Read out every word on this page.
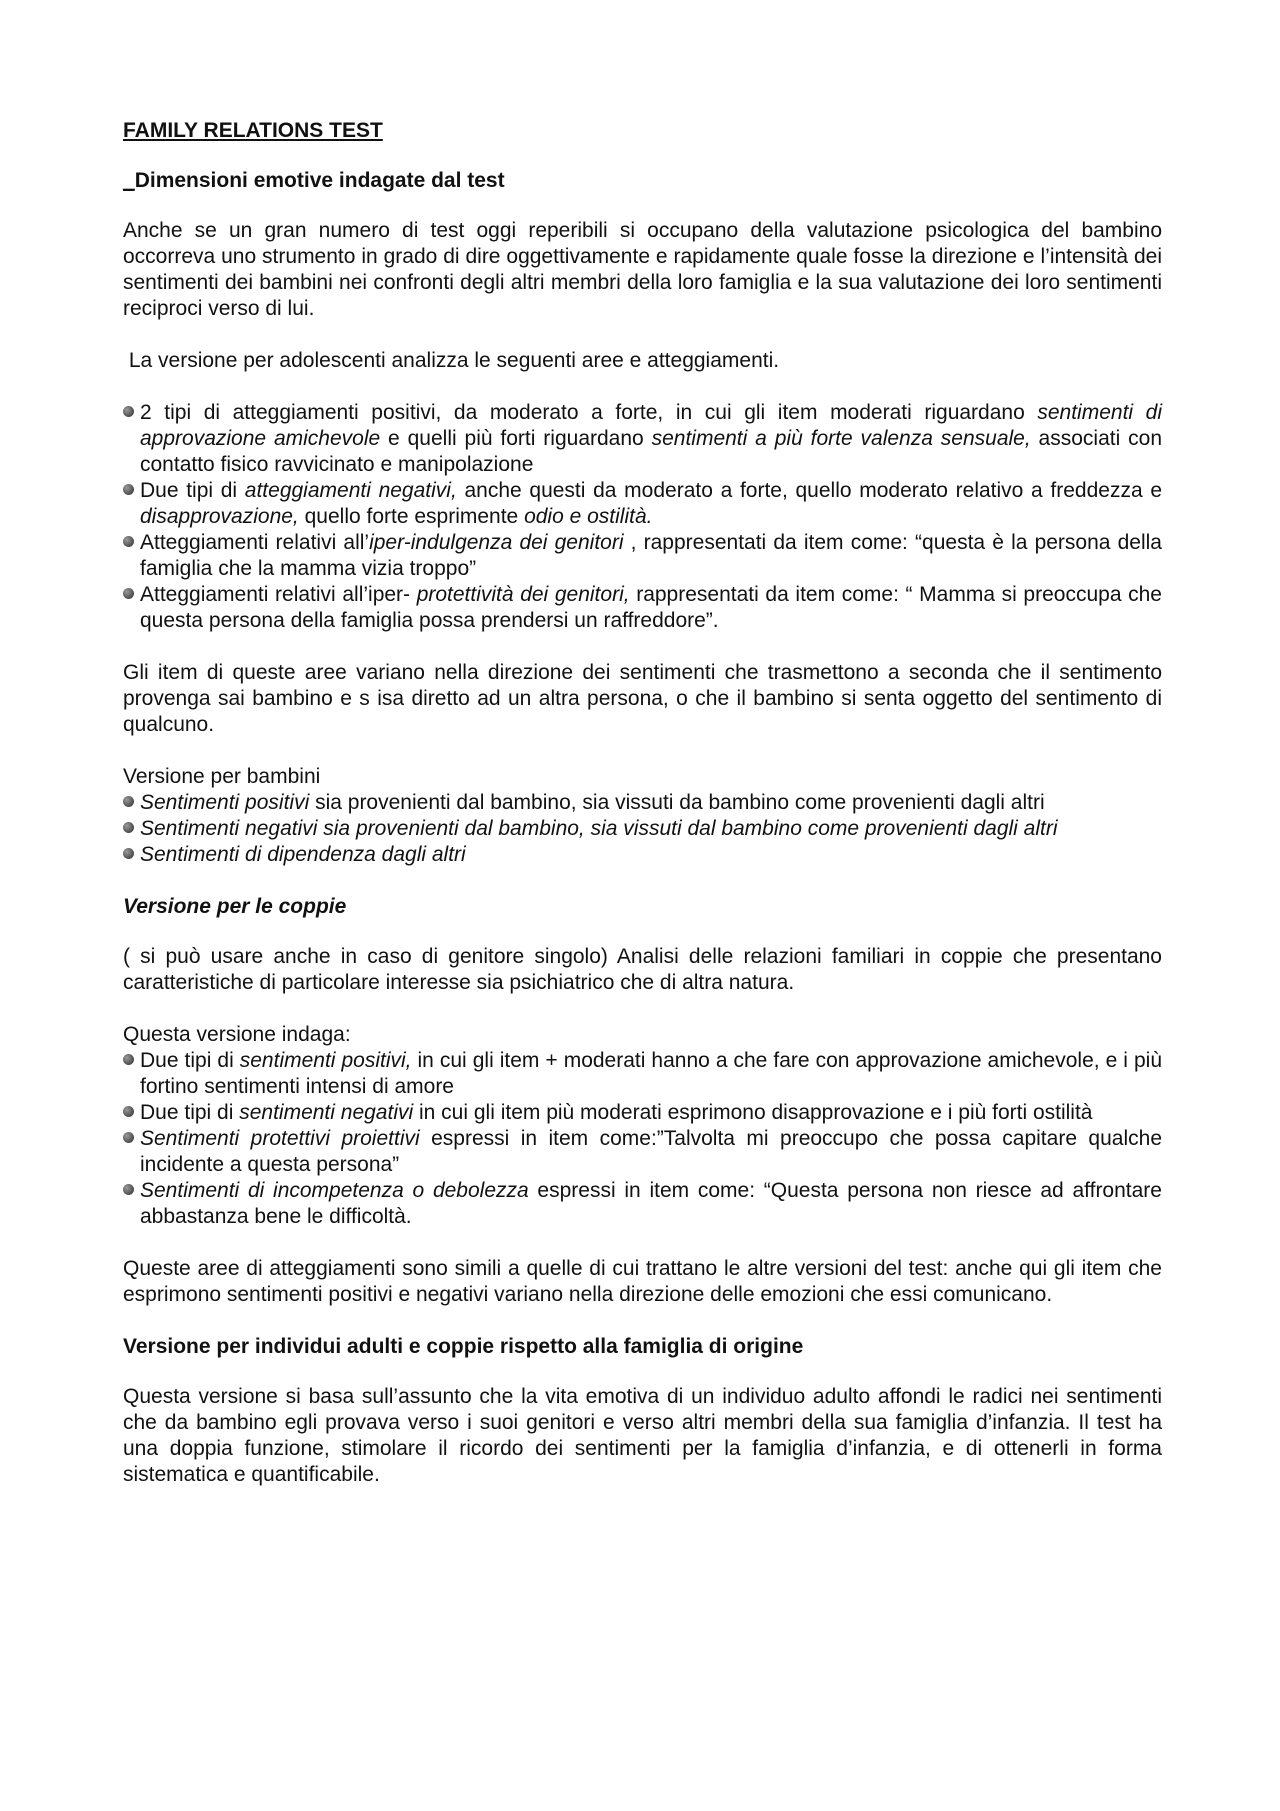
FAMILY RELATIONS TEST
_Dimensioni emotive indagate dal test

Anche se un gran numero di test oggi reperibili si occupano della valutazione psicologica del bambino occorreva uno strumento in grado di dire oggettivamente e rapidamente quale fosse la direzione e l’intensità dei sentimenti dei bambini nei confronti degli altri membri della loro famiglia e la sua valutazione dei loro sentimenti reciproci verso di lui.

La versione per adolescenti analizza le seguenti aree e atteggiamenti.

2 tipi di atteggiamenti positivi, da moderato a forte, in cui gli item moderati riguardano sentimenti di approvazione amichevole e quelli più forti riguardano sentimenti a più forte valenza sensuale, associati con contatto fisico ravvicinato e manipolazione
Due tipi di atteggiamenti negativi, anche questi da moderato a forte, quello moderato relativo a freddezza e disapprovazione, quello forte esprimente odio e ostilità.
Atteggiamenti relativi all’iper-indulgenza dei genitori , rappresentati da item come: “questa è la persona della famiglia che la mamma vizia troppo”
Atteggiamenti relativi all’iper- protettività dei genitori, rappresentati da item come: “ Mamma si preoccupa che questa persona della famiglia possa prendersi un raffreddore”.

Gli item di queste aree variano nella direzione dei sentimenti che trasmettono a seconda che il sentimento provenga sai bambino e s isa diretto ad un altra persona, o che il bambino si senta oggetto del sentimento di qualcuno.

Versione per bambini

Sentimenti positivi sia provenienti dal bambino, sia vissuti da bambino come provenienti dagli altri
Sentimenti negativi sia provenienti dal bambino, sia vissuti dal bambino come provenienti dagli altri
Sentimenti di dipendenza dagli altri
Versione per le coppie

( si può usare anche in caso di genitore singolo) Analisi delle relazioni familiari in coppie che presentano caratteristiche di particolare interesse sia psichiatrico che di altra natura.

Questa versione indaga:

Due tipi di sentimenti positivi, in cui gli item + moderati hanno a che fare con approvazione amichevole, e i più fortino sentimenti intensi di amore
Due tipi di sentimenti negativi in cui gli item più moderati esprimono disapprovazione e i più forti ostilità
Sentimenti protettivi proiettivi espressi in item come:”Talvolta mi preoccupo che possa capitare qualche incidente a questa persona”
Sentimenti di incompetenza o debolezza espressi in item come: “Questa persona non riesce ad affrontare abbastanza bene le difficoltà.

Queste aree di atteggiamenti sono simili a quelle di cui trattano le altre versioni del test: anche qui gli item che esprimono sentimenti positivi e negativi variano nella direzione delle emozioni che essi comunicano.

Versione per individui adulti e coppie rispetto alla famiglia di origine

Questa versione si basa sull’assunto che la vita emotiva di un individuo adulto affondi le radici nei sentimenti che da bambino egli provava verso i suoi genitori e verso altri membri della sua famiglia d’infanzia. Il test ha una doppia funzione, stimolare il ricordo dei sentimenti per la famiglia d’infanzia, e di ottenerli in forma sistematica e quantificabile.
